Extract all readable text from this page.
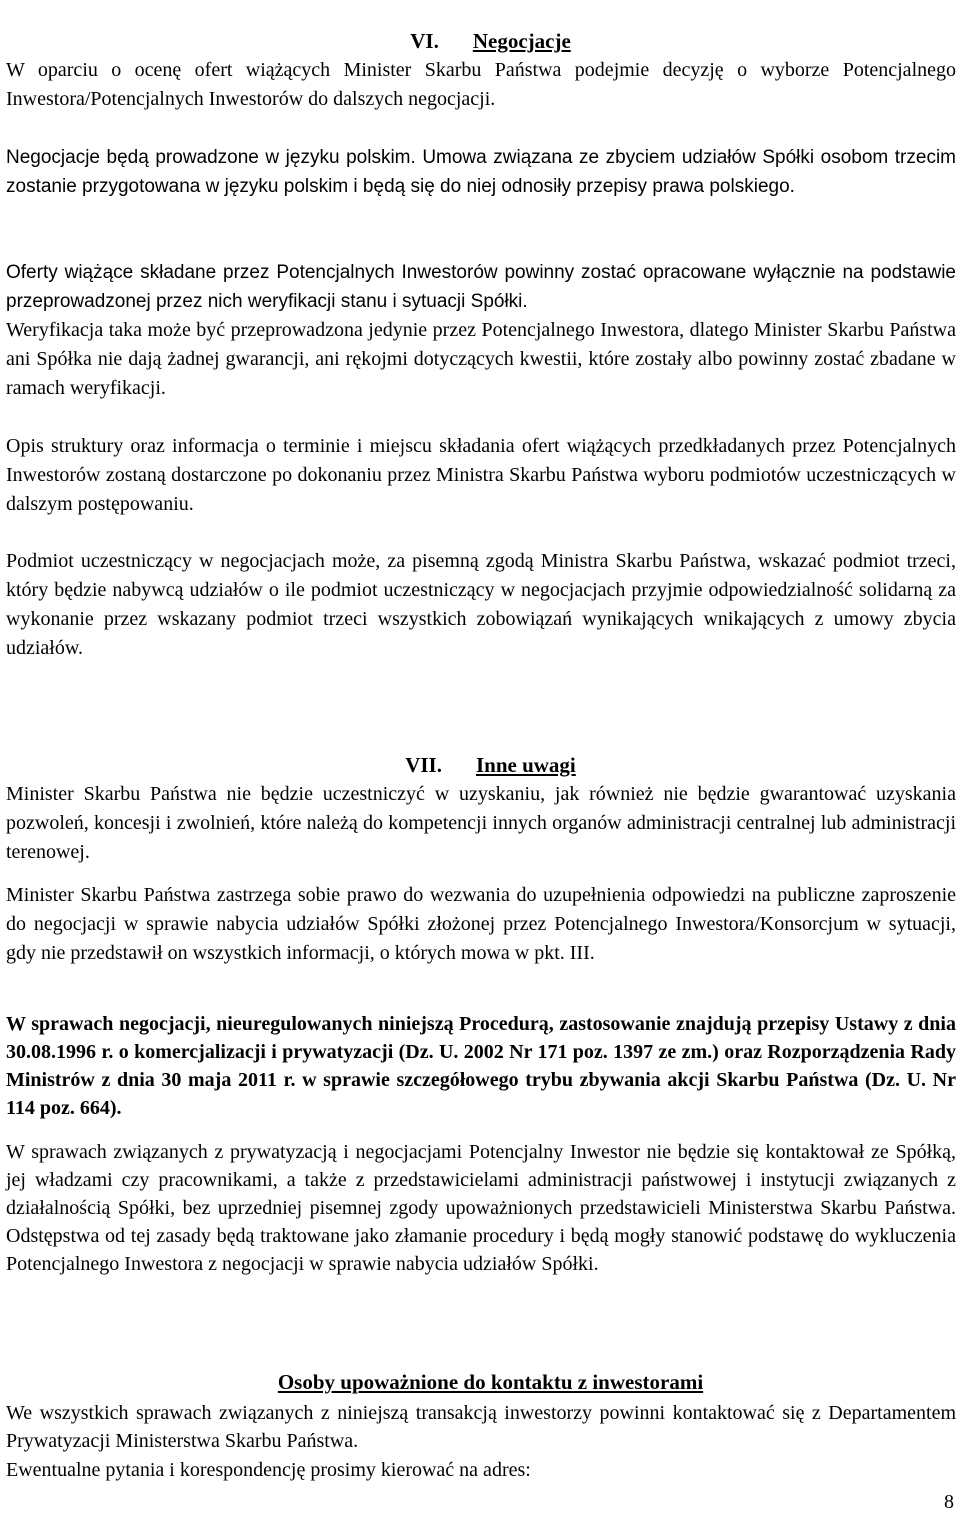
VI. Negocjacje

W oparciu o ocenę ofert wiążących Minister Skarbu Państwa podejmie decyzję o wyborze Potencjalnego Inwestora/Potencjalnych Inwestorów do dalszych negocjacji.

Negocjacje będą prowadzone w języku polskim. Umowa związana ze zbyciem udziałów Spółki osobom trzecim zostanie przygotowana w języku polskim i będą się do niej odnosiły przepisy prawa polskiego.

Oferty wiążące składane przez Potencjalnych Inwestorów powinny zostać opracowane wyłącznie na podstawie przeprowadzonej przez nich weryfikacji stanu i sytuacji Spółki.

Weryfikacja taka może być przeprowadzona jedynie przez Potencjalnego Inwestora, dlatego Minister Skarbu Państwa ani Spółka nie dają żadnej gwarancji, ani rękojmi dotyczących kwestii, które zostały albo powinny zostać zbadane w ramach weryfikacji.

Opis struktury oraz informacja o terminie i miejscu składania ofert wiążących przedkładanych przez Potencjalnych Inwestorów zostaną dostarczone po dokonaniu przez Ministra Skarbu Państwa wyboru podmiotów uczestniczących w dalszym postępowaniu.

Podmiot uczestniczący w negocjacjach może, za pisemną zgodą Ministra Skarbu Państwa, wskazać podmiot trzeci, który będzie nabywcą udziałów o ile podmiot uczestniczący w negocjacjach przyjmie odpowiedzialność solidarną za wykonanie przez wskazany podmiot trzeci wszystkich zobowiązań wynikających wnikających z umowy zbycia udziałów.

VII. Inne uwagi

Minister Skarbu Państwa nie będzie uczestniczyć w uzyskaniu, jak również nie będzie gwarantować uzyskania pozwoleń, koncesji i zwolnień, które należą do kompetencji innych organów administracji centralnej lub administracji terenowej.

Minister Skarbu Państwa zastrzega sobie prawo do wezwania do uzupełnienia odpowiedzi na publiczne zaproszenie do negocjacji w sprawie nabycia udziałów Spółki złożonej przez Potencjalnego Inwestora/Konsorcjum w sytuacji, gdy nie przedstawił on wszystkich informacji, o których mowa w pkt. III.

W sprawach negocjacji, nieuregulowanych niniejszą Procedurą, zastosowanie znajdują przepisy Ustawy z dnia 30.08.1996 r. o komercjalizacji i prywatyzacji (Dz. U. 2002 Nr 171 poz. 1397 ze zm.) oraz Rozporządzenia Rady Ministrów z dnia 30 maja 2011 r. w sprawie szczegółowego trybu zbywania akcji Skarbu Państwa (Dz. U. Nr 114 poz. 664).

W sprawach związanych z prywatyzacją i negocjacjami Potencjalny Inwestor nie będzie się kontaktował ze Spółką, jej władzami czy pracownikami, a także z przedstawicielami administracji państwowej i instytucji związanych z działalnością Spółki, bez uprzedniej pisemnej zgody upoważnionych przedstawicieli Ministerstwa Skarbu Państwa. Odstępstwa od tej zasady będą traktowane jako złamanie procedury i będą mogły stanowić podstawę do wykluczenia Potencjalnego Inwestora z negocjacji w sprawie nabycia udziałów Spółki.

Osoby upoważnione do kontaktu z inwestorami

We wszystkich sprawach związanych z niniejszą transakcją inwestorzy powinni kontaktować się z Departamentem Prywatyzacji Ministerstwa Skarbu Państwa.

Ewentualne pytania i korespondencję prosimy kierować na adres:

8
